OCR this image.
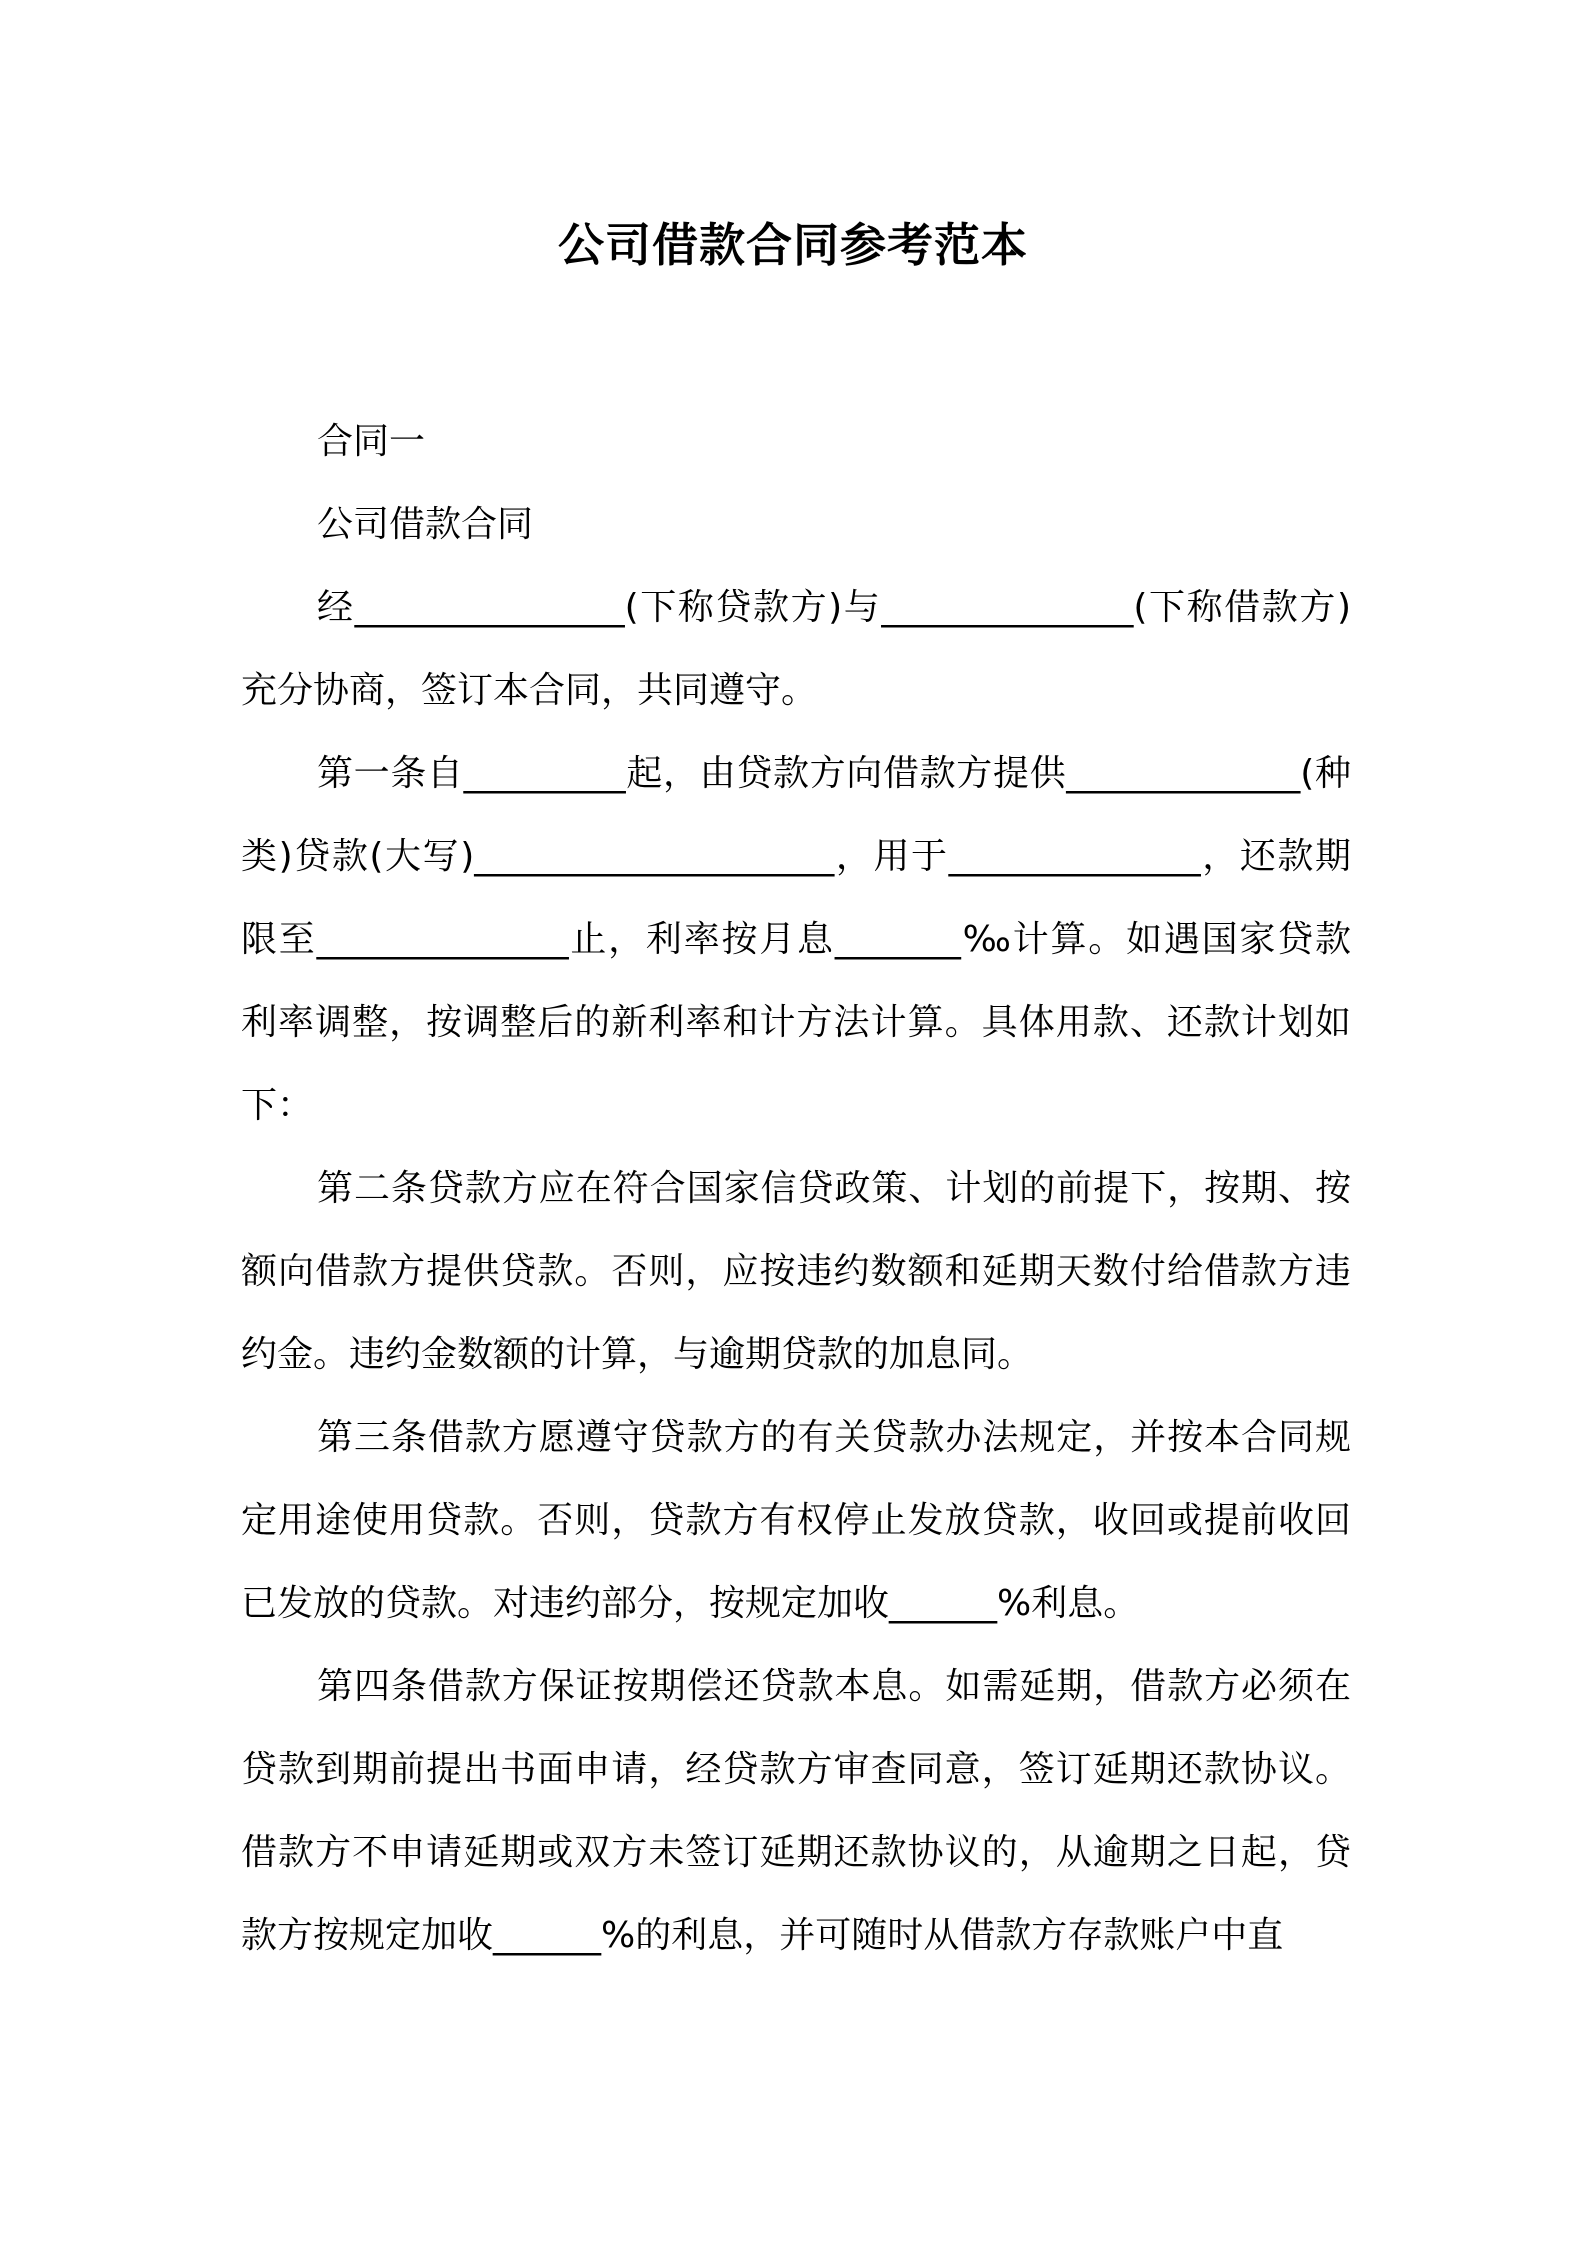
公司借款合同参考范本

合同一

公司借款合同

经_______________(下称贷款方)与______________(下称借款方)充分协商，签订本合同，共同遵守。

第一条自_________起，由贷款方向借款方提供_____________(种类)贷款(大写)____________________，用于______________，还款期限至______________止，利率按月息_______‰计算。如遇国家贷款利率调整，按调整后的新利率和计方法计算。具体用款、还款计划如下：

第二条贷款方应在符合国家信贷政策、计划的前提下，按期、按额向借款方提供贷款。否则，应按违约数额和延期天数付给借款方违约金。违约金数额的计算，与逾期贷款的加息同。

第三条借款方愿遵守贷款方的有关贷款办法规定，并按本合同规定用途使用贷款。否则，贷款方有权停止发放贷款，收回或提前收回已发放的贷款。对违约部分，按规定加收______%利息。

第四条借款方保证按期偿还贷款本息。如需延期，借款方必须在贷款到期前提出书面申请，经贷款方审查同意，签订延期还款协议。借款方不申请延期或双方未签订延期还款协议的，从逾期之日起，贷款方按规定加收______%的利息，并可随时从借款方存款账户中直
